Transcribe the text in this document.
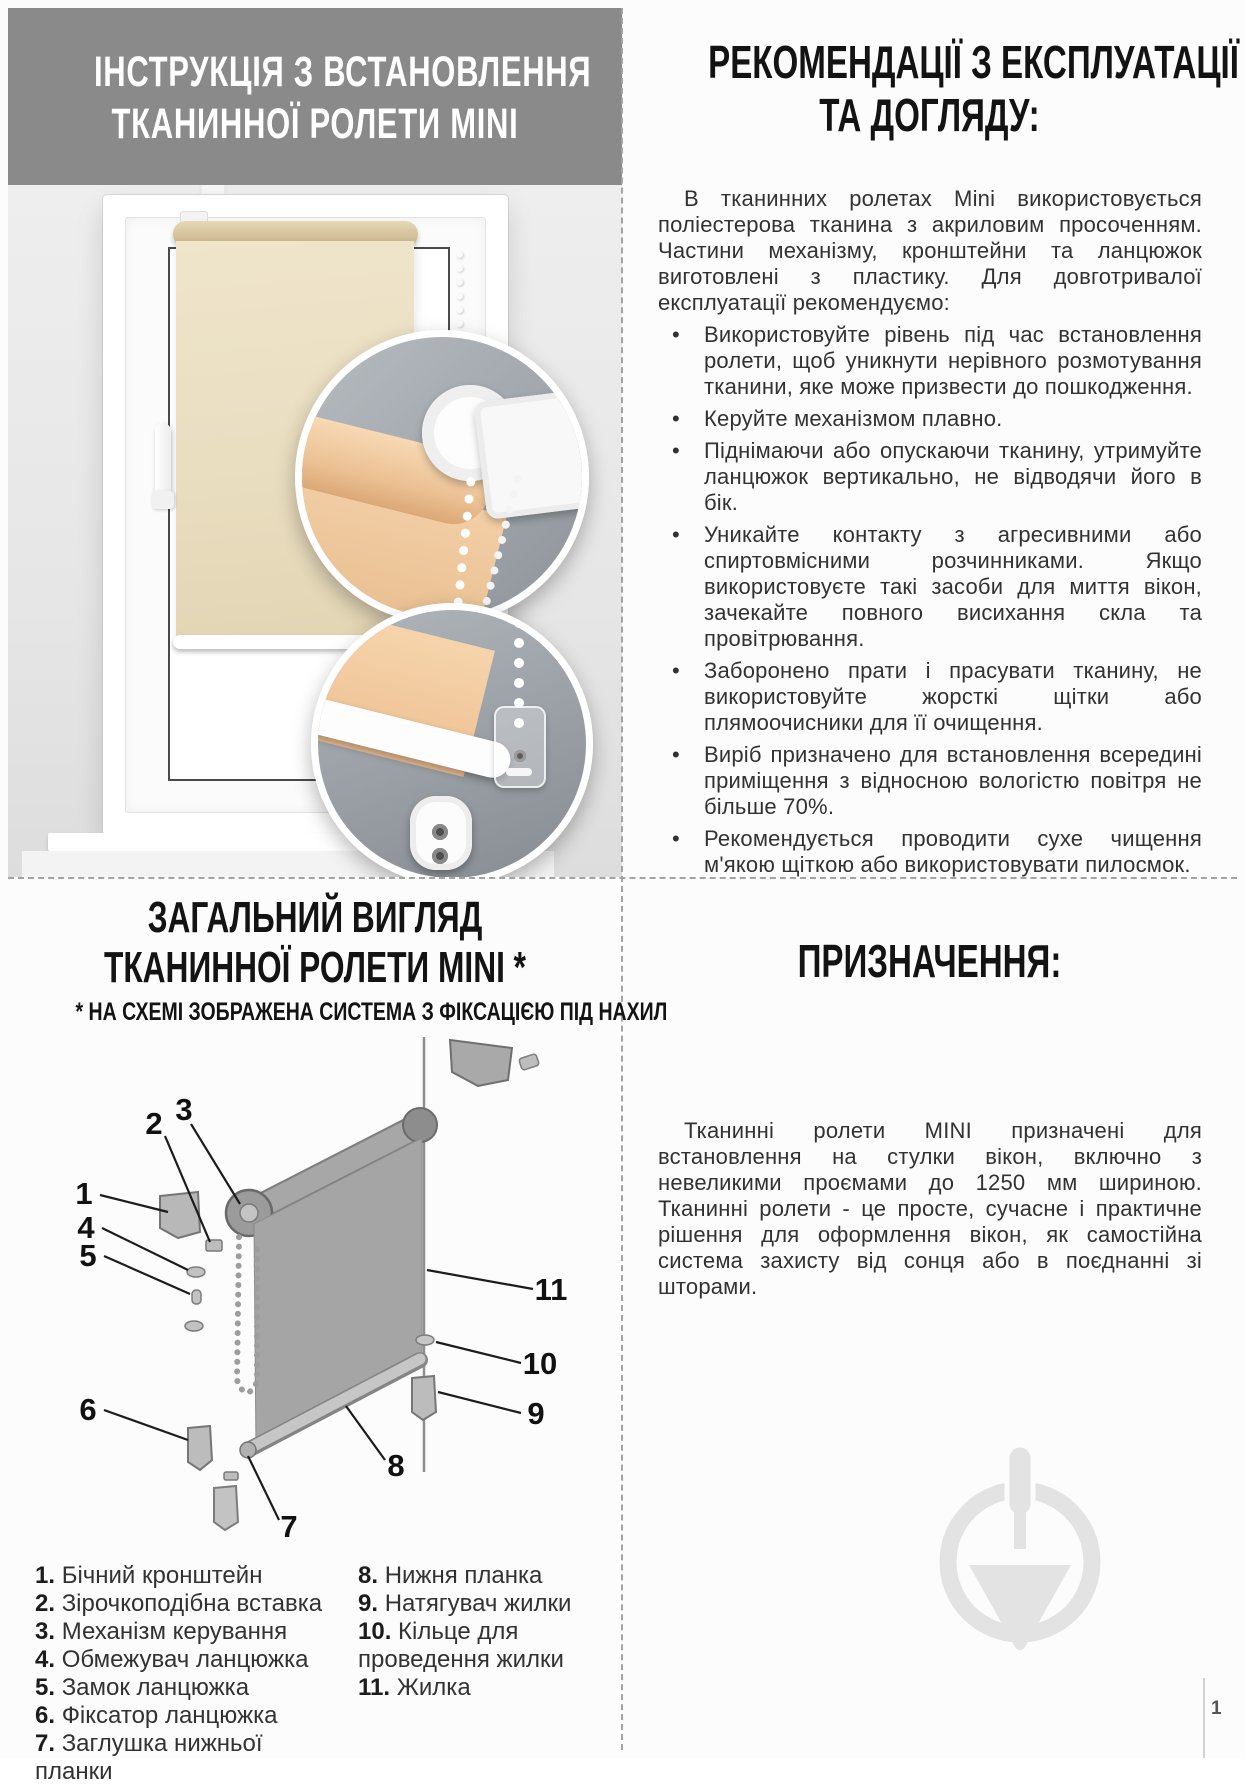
ІНСТРУКЦІЯ З ВСТАНОВЛЕННЯ
ТКАНИННОЇ РОЛЕТИ MINI
РЕКОМЕНДАЦІЇ З ЕКСПЛУАТАЦІЇ
ТА ДОГЛЯДУ:
В тканинних ролетах Mini використовується поліестерова тканина з акриловим просоченням. Частини механізму, кронштейни та ланцюжок виготовлені з пластику. Для довготривалої експлуатації рекомендуємо:
• Використовуйте рівень під час встановлення ролети, щоб уникнути нерівного розмотування тканини, яке може призвести до пошкодження.
• Керуйте механізмом плавно.
• Піднімаючи або опускаючи тканину, утримуйте ланцюжок вертикально, не відводячи його в бік.
• Уникайте контакту з агресивними або спиртовмісними розчинниками. Якщо використовуєте такі засоби для миття вікон, зачекайте повного висихання скла та провітрювання.
• Заборонено прати і прасувати тканину, не використовуйте жорсткі щітки або плямоочисники для її очищення.
• Виріб призначено для встановлення всередині приміщення з відносною вологістю повітря не більше 70%.
• Рекомендується проводити сухе чищення м'якою щіткою або використовувати пилосмок.
ЗАГАЛЬНИЙ ВИГЛЯД
ТКАНИННОЇ РОЛЕТИ MINI *
* НА СХЕМІ ЗОБРАЖЕНА СИСТЕМА З ФІКСАЦІЄЮ ПІД НАХИЛ
1
2 3
4
5
6
7
8
9
10
11
1. Бічний кронштейн
2. Зірочкоподібна вставка
3. Механізм керування
4. Обмежувач ланцюжка
5. Замок ланцюжка
6. Фіксатор ланцюжка
7. Заглушка нижньої планки
8. Нижня планка
9. Натягувач жилки
10. Кільце для проведення жилки
11. Жилка
ПРИЗНАЧЕННЯ:
Тканинні ролети MINI призначені для встановлення на стулки вікон, включно з невеликими проємами до 1250 мм шириною. Тканинні ролети - це просте, сучасне і практичне рішення для оформлення вікон, як самостійна система захисту від сонця або в поєднанні зі шторами.
1
